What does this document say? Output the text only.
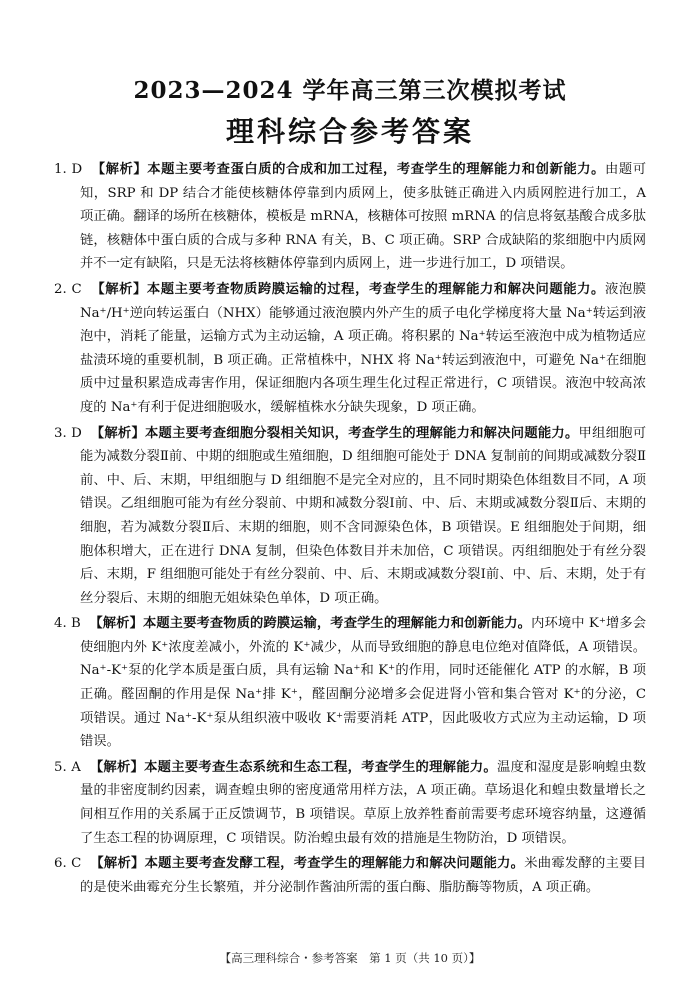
2023—2024 学年高三第三次模拟考试
理科综合参考答案

1. D 【解析】本题主要考查蛋白质的合成和加工过程，考查学生的理解能力和创新能力。由题可知，SRP 和 DP 结合才能使核糖体停靠到内质网上，使多肽链正确进入内质网腔进行加工，A 项正确。翻译的场所在核糖体，模板是 mRNA，核糖体可按照 mRNA 的信息将氨基酸合成多肽链，核糖体中蛋白质的合成与多种 RNA 有关，B、C 项正确。SRP 合成缺陷的浆细胞中内质网并不一定有缺陷，只是无法将核糖体停靠到内质网上，进一步进行加工，D 项错误。

2. C 【解析】本题主要考查物质跨膜运输的过程，考查学生的理解能力和解决问题能力。液泡膜 Na⁺/H⁺逆向转运蛋白（NHX）能够通过液泡膜内外产生的质子电化学梯度将大量 Na⁺转运到液泡中，消耗了能量，运输方式为主动运输，A 项正确。将积累的 Na⁺转运至液泡中成为植物适应盐渍环境的重要机制，B 项正确。正常植株中，NHX 将 Na⁺转运到液泡中，可避免 Na⁺在细胞质中过量积累造成毒害作用，保证细胞内各项生理生化过程正常进行，C 项错误。液泡中较高浓度的 Na⁺有利于促进细胞吸水，缓解植株水分缺失现象，D 项正确。

3. D 【解析】本题主要考查细胞分裂相关知识，考查学生的理解能力和解决问题能力。甲组细胞可能为减数分裂Ⅱ前、中期的细胞或生殖细胞，D 组细胞可能处于 DNA 复制前的间期或减数分裂Ⅱ前、中、后、末期，甲组细胞与 D 组细胞不是完全对应的，且不同时期染色体组数目不同，A 项错误。乙组细胞可能为有丝分裂前、中期和减数分裂Ⅰ前、中、后、末期或减数分裂Ⅱ后、末期的细胞，若为减数分裂Ⅱ后、末期的细胞，则不含同源染色体，B 项错误。E 组细胞处于间期，细胞体积增大，正在进行 DNA 复制，但染色体数目并未加倍，C 项错误。丙组细胞处于有丝分裂后、末期，F 组细胞可能处于有丝分裂前、中、后、末期或减数分裂Ⅰ前、中、后、末期，处于有丝分裂后、末期的细胞无姐妹染色单体，D 项正确。

4. B 【解析】本题主要考查物质的跨膜运输，考查学生的理解能力和创新能力。内环境中 K⁺增多会使细胞内外 K⁺浓度差减小，外流的 K⁺减少，从而导致细胞的静息电位绝对值降低，A 项错误。Na⁺-K⁺泵的化学本质是蛋白质，具有运输 Na⁺和 K⁺的作用，同时还能催化 ATP 的水解，B 项正确。醛固酮的作用是保 Na⁺排 K⁺，醛固酮分泌增多会促进肾小管和集合管对 K⁺的分泌，C 项错误。通过 Na⁺-K⁺泵从组织液中吸收 K⁺需要消耗 ATP，因此吸收方式应为主动运输，D 项错误。

5. A 【解析】本题主要考查生态系统和生态工程，考查学生的理解能力。温度和湿度是影响蝗虫数量的非密度制约因素，调查蝗虫卵的密度通常用样方法，A 项正确。草场退化和蝗虫数量增长之间相互作用的关系属于正反馈调节，B 项错误。草原上放养牲畜前需要考虑环境容纳量，这遵循了生态工程的协调原理，C 项错误。防治蝗虫最有效的措施是生物防治，D 项错误。

6. C 【解析】本题主要考查发酵工程，考查学生的理解能力和解决问题能力。米曲霉发酵的主要目的是使米曲霉充分生长繁殖，并分泌制作酱油所需的蛋白酶、脂肪酶等物质，A 项正确。

【高三理科综合・参考答案　第 1 页（共 10 页）】
